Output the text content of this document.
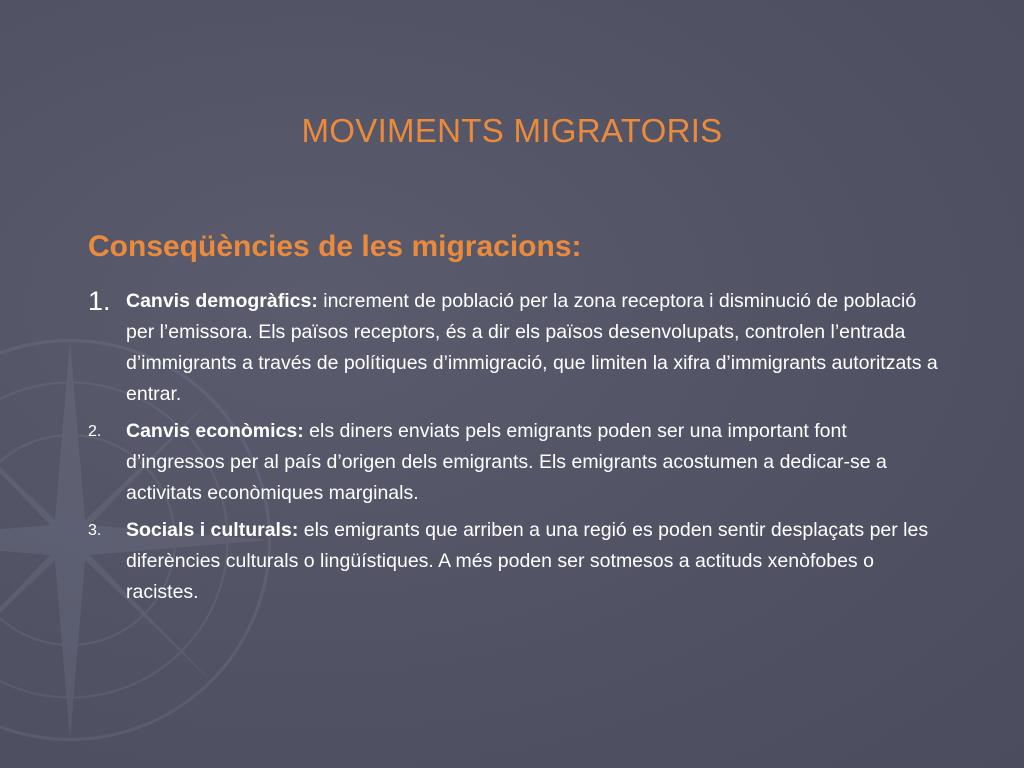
MOVIMENTS MIGRATORIS
Conseqüències de les migracions:
1. Canvis demogràfics: increment de població per la zona receptora i disminució de població per l’emissora. Els països receptors, és a dir els països desenvolupats, controlen l’entrada d’immigrants a través de polítiques d’immigració, que limiten la xifra d’immigrants autoritzats a entrar.
2.	Canvis econòmics: els diners enviats pels emigrants poden ser una important font d’ingressos per al país d’origen dels emigrants. Els emigrants acostumen a dedicar-se a activitats econòmiques marginals.
3.	Socials i culturals: els emigrants que arriben a una regió es poden sentir desplaçats per les diferències culturals o lingüístiques. A més poden ser sotmesos a actituds xenòfobes o racistes.
